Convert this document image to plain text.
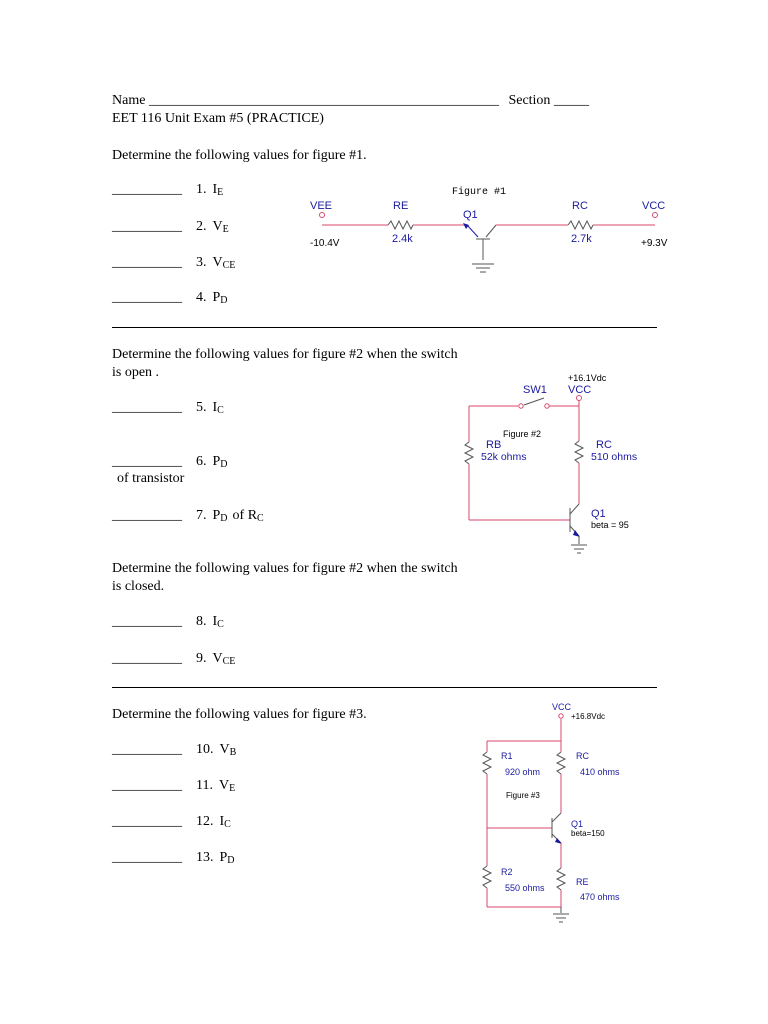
Name __________________________________________________ Section _____
EET 116 Unit Exam #5 (PRACTICE)
Determine the following values for figure #1.
__________ 1. $I_E$
__________ 2. $V_E$
__________ 3. $V_{CE}$
__________ 4. $P_D$
Figure #1
VEE	RE
2.4k
-10.4V
Q1
RC
2.7k
VCC
+9.3V
Determine the following values for figure #2 when the switch
is open .
__________ 5. $I_C$
__________ 6. $P_D$
of transistor
__________ 7. $P_D$ of $R_C$
+16.1Vdc
SW1 VCC
RB
52k ohms
Figure #2
RC
510 ohms
Q1
beta = 95
Determine the following values for figure #2 when the switch
is closed.
__________ 8. $I_C$
__________ 9. $V_{CE}$
Determine the following values for figure #3.
__________ 10. $V_B$
__________ 11. $V_E$
__________ 12. $I_C$
__________ 13. $P_D$
VCC
+16.8Vdc
R1
920 ohm
RC
410 ohms
Figure #3
Q1
beta=150
R2
550 ohms
RE
470 ohms
